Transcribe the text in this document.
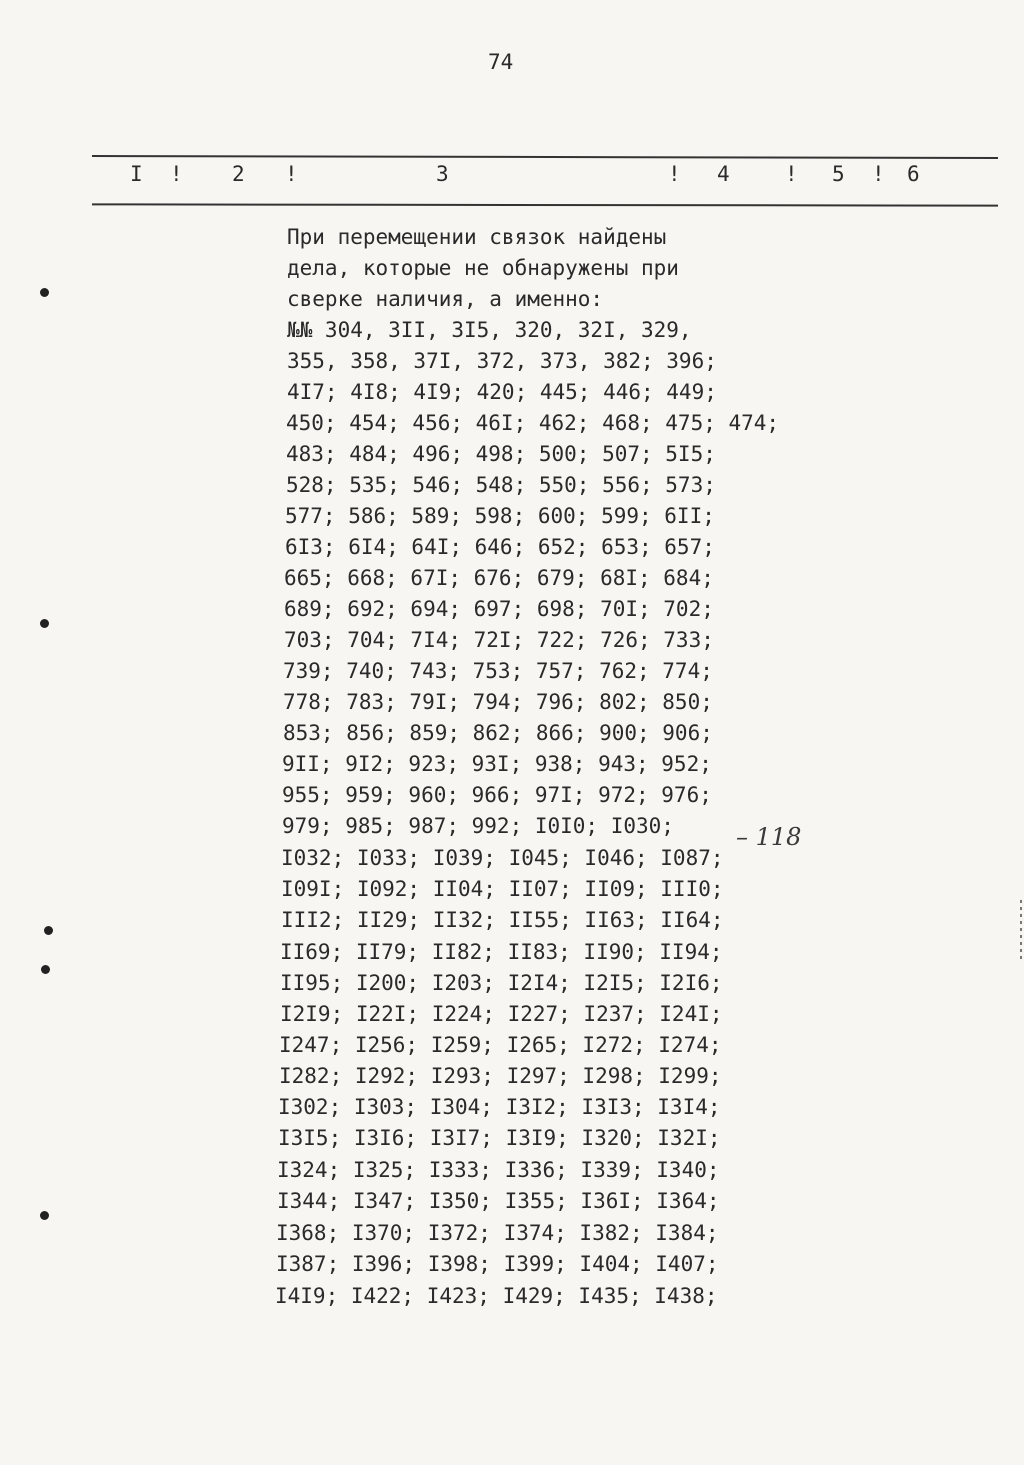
74
I ! 2 !	3	! 4	! 5 ! 6
При перемещении связок найдены
дела, которые не обнаружены при
сверке наличия, а именно:
№№ 304, 3II, 3I5, 320, 32I, 329,
355, 358, 37I, 372, 373, 382; 396;
4I7; 4I8; 4I9; 420; 445; 446; 449;
450; 454; 456; 46I; 462; 468; 475; 474;
483; 484; 496; 498; 500; 507; 5I5;
528; 535; 546; 548; 550; 556; 573;
577; 586; 589; 598; 600; 599; 6II;
6I3; 6I4; 64I; 646; 652; 653; 657;
665; 668; 67I; 676; 679; 68I; 684;
689; 692; 694; 697; 698; 70I; 702;
703; 704; 7I4; 72I; 722; 726; 733;
739; 740; 743; 753; 757; 762; 774;
778; 783; 79I; 794; 796; 802; 850;
853; 856; 859; 862; 866; 900; 906;
9II; 9I2; 923; 93I; 938; 943; 952;
955; 959; 960; 966; 97I; 972; 976;
979; 985; 987; 992; I0I0; I030;
I032; I033; I039; I045; I046; I087;
I09I; I092; II04; II07; II09; III0;
III2; II29; II32; II55; II63; II64;
II69; II79; II82; II83; II90; II94;
II95; I200; I203; I2I4; I2I5; I2I6;
I2I9; I22I; I224; I227; I237; I24I;
I247; I256; I259; I265; I272; I274;
I282; I292; I293; I297; I298; I299;
I302; I303; I304; I3I2; I3I3; I3I4;
I3I5; I3I6; I3I7; I3I9; I320; I32I;
I324; I325; I333; I336; I339; I340;
I344; I347; I350; I355; I36I; I364;
I368; I370; I372; I374; I382; I384;
I387; I396; I398; I399; I404; I407;
I4I9; I422; I423; I429; I435; I438;
– 118
